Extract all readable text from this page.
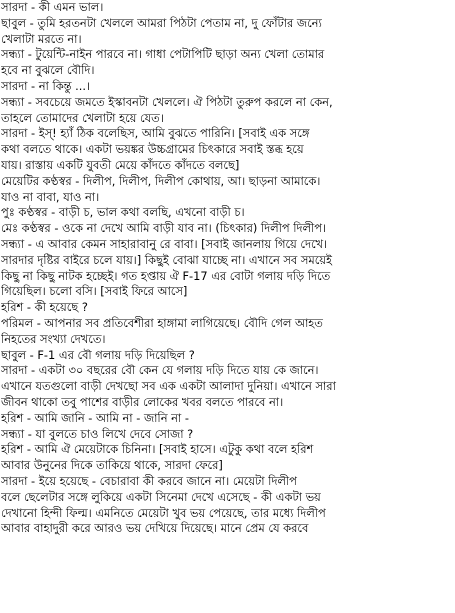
সারদা - কী এমন ভাল।
ছাবুল - তুমি হরতনটা খেললে আমরা পিঠটা পেতাম না, দু ফোঁটার জন্যে
খেলাটা মরতে না।
সন্ধ্যা - টুয়েন্টি-নাইন পারবে না। গাধা পেটাপিটি ছাড়া অন্য খেলা তোমার
হবে না বুঝলে বৌদি।
সারদা - না কিন্তু ...।
সন্ধ্যা - সবচেয়ে জমতে ইস্কাবনটা খেললে। ঐ পিঠটা তুরুপ করলে না কেন,
তাহলে তোমাদের খেলাটা হয়ে যেত।
সারদা - ইস্! হ্যাঁ ঠিক বলেছিস, আমি বুঝতে পারিনি। [সবাই এক সঙ্গে
কথা বলতে থাকে। একটা ভয়ঙ্কর উচ্চগ্রামের চিৎকারে সবাই স্তব্ধ হয়ে
যায়। রাস্তায় একটি যুবতী মেয়ে কাঁদতে কাঁদতে বলছে]
মেয়েটির কণ্ঠস্বর - দিলীপ, দিলীপ, দিলীপ কোথায়, আ। ছাড়না আমাকে।
যাও না বাবা, যাও না।
পুঃ কণ্ঠস্বর - বাড়ী চ, ভাল কথা বলছি, এখনো বাড়ী চ।
মেঃ কণ্ঠস্বর - ওকে না দেখে আমি বাড়ী যাব না। (চিৎকার) দিলীপ দিলীপ।
সন্ধ্যা - এ আবার কেমন সাহারাবানু রে বাবা। [সবাই জানলায় গিয়ে দেখে।
সারদার দৃষ্টির বাইরে চলে যায়।] কিছুই বোঝা যাচ্ছে না। এখানে সব সময়েই
কিছু না কিছু নাটক হচ্ছেই। গত হপ্তায় ঐ F-17 এর বোটা গলায় দড়ি দিতে
গিয়েছিল। চলো বসি। [সবাই ফিরে আসে]
হরিশ - কী হয়েছে ?
পরিমল - আপনার সব প্রতিবেশীরা হাঙ্গামা লাগিয়েছে। বৌদি গেল আহত
নিহতের সংখ্যা দেখতে।
ছাবুল - F-1 এর বৌ গলায় দড়ি দিয়েছিল ?
সারদা - একটা ৩০ বছরের বৌ কেন যে গলায় দড়ি দিতে যায় কে জানে।
এখানে যতগুলো বাড়ী দেখছো সব এক একটা আলাদা দুনিয়া। এখানে সারা
জীবন থাকো তবু পাশের বাড়ীর লোকের খবর বলতে পারবে না।
হরিশ - আমি জানি - আমি না - জানি না -
সন্ধ্যা - যা বুলতে চাও লিখে দেবে সোজা ?
হরিশ - আমি ঐ মেয়েটাকে চিনিনা। [সবাই হাসে। এটুকু কথা বলে হরিশ
আবার উনুনের দিকে তাকিয়ে থাকে, সারদা ফেরে]
সারদা - ইয়ে হয়েছে - বেচারাবা কী করবে জানে না। মেয়েটা দিলীপ
বলে ছেলেটার সঙ্গে লুকিয়ে একটা সিনেমা দেখে এসেছে - কী একটা ভয়
দেখানো হিন্দী ফিল্ম। এমনিতে মেয়েটা খুব ভয় পেয়েছে, তার মধ্যে দিলীপ
আবার বাহাদুরী করে আরও ভয় দেখিয়ে দিয়েছে। মানে প্রেম যে করবে
